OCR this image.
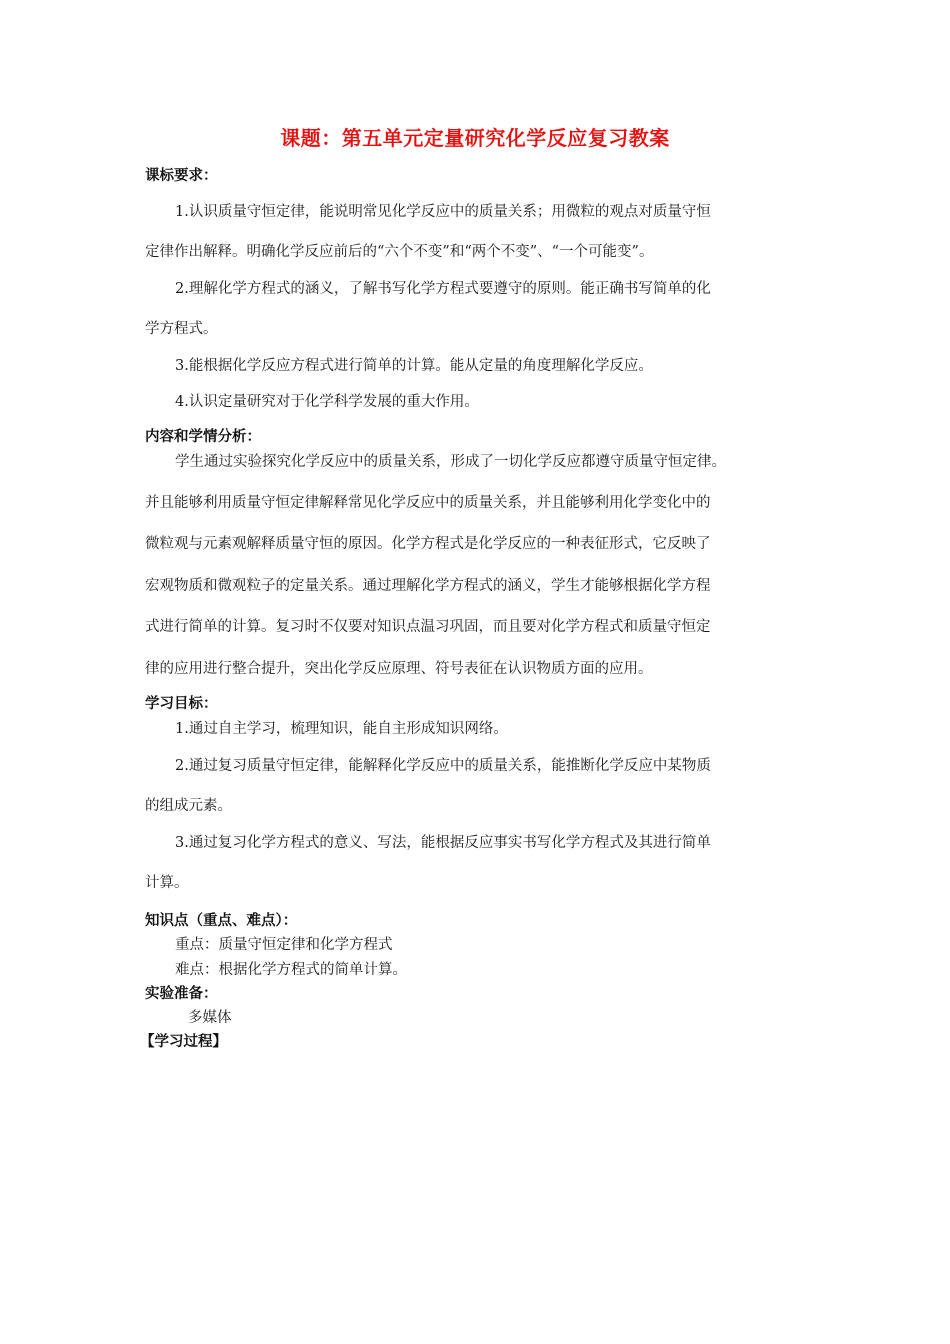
课题：第五单元定量研究化学反应复习教案
课标要求：
1.认识质量守恒定律，能说明常见化学反应中的质量关系；用微粒的观点对质量守恒
定律作出解释。明确化学反应前后的“六个不变”和“两个不变”、“一个可能变”。
2.理解化学方程式的涵义，了解书写化学方程式要遵守的原则。能正确书写简单的化
学方程式。
3.能根据化学反应方程式进行简单的计算。能从定量的角度理解化学反应。
4.认识定量研究对于化学科学发展的重大作用。
内容和学情分析：
学生通过实验探究化学反应中的质量关系，形成了一切化学反应都遵守质量守恒定律。
并且能够利用质量守恒定律解释常见化学反应中的质量关系，并且能够利用化学变化中的
微粒观与元素观解释质量守恒的原因。化学方程式是化学反应的一种表征形式，它反映了
宏观物质和微观粒子的定量关系。通过理解化学方程式的涵义，学生才能够根据化学方程
式进行简单的计算。复习时不仅要对知识点温习巩固，而且要对化学方程式和质量守恒定
律的应用进行整合提升，突出化学反应原理、符号表征在认识物质方面的应用。
学习目标：
1.通过自主学习，梳理知识，能自主形成知识网络。
2.通过复习质量守恒定律，能解释化学反应中的质量关系，能推断化学反应中某物质
的组成元素。
3.通过复习化学方程式的意义、写法，能根据反应事实书写化学方程式及其进行简单
计算。
知识点（重点、难点）：
重点：质量守恒定律和化学方程式
难点：根据化学方程式的简单计算。
实验准备：
多媒体
【学习过程】
